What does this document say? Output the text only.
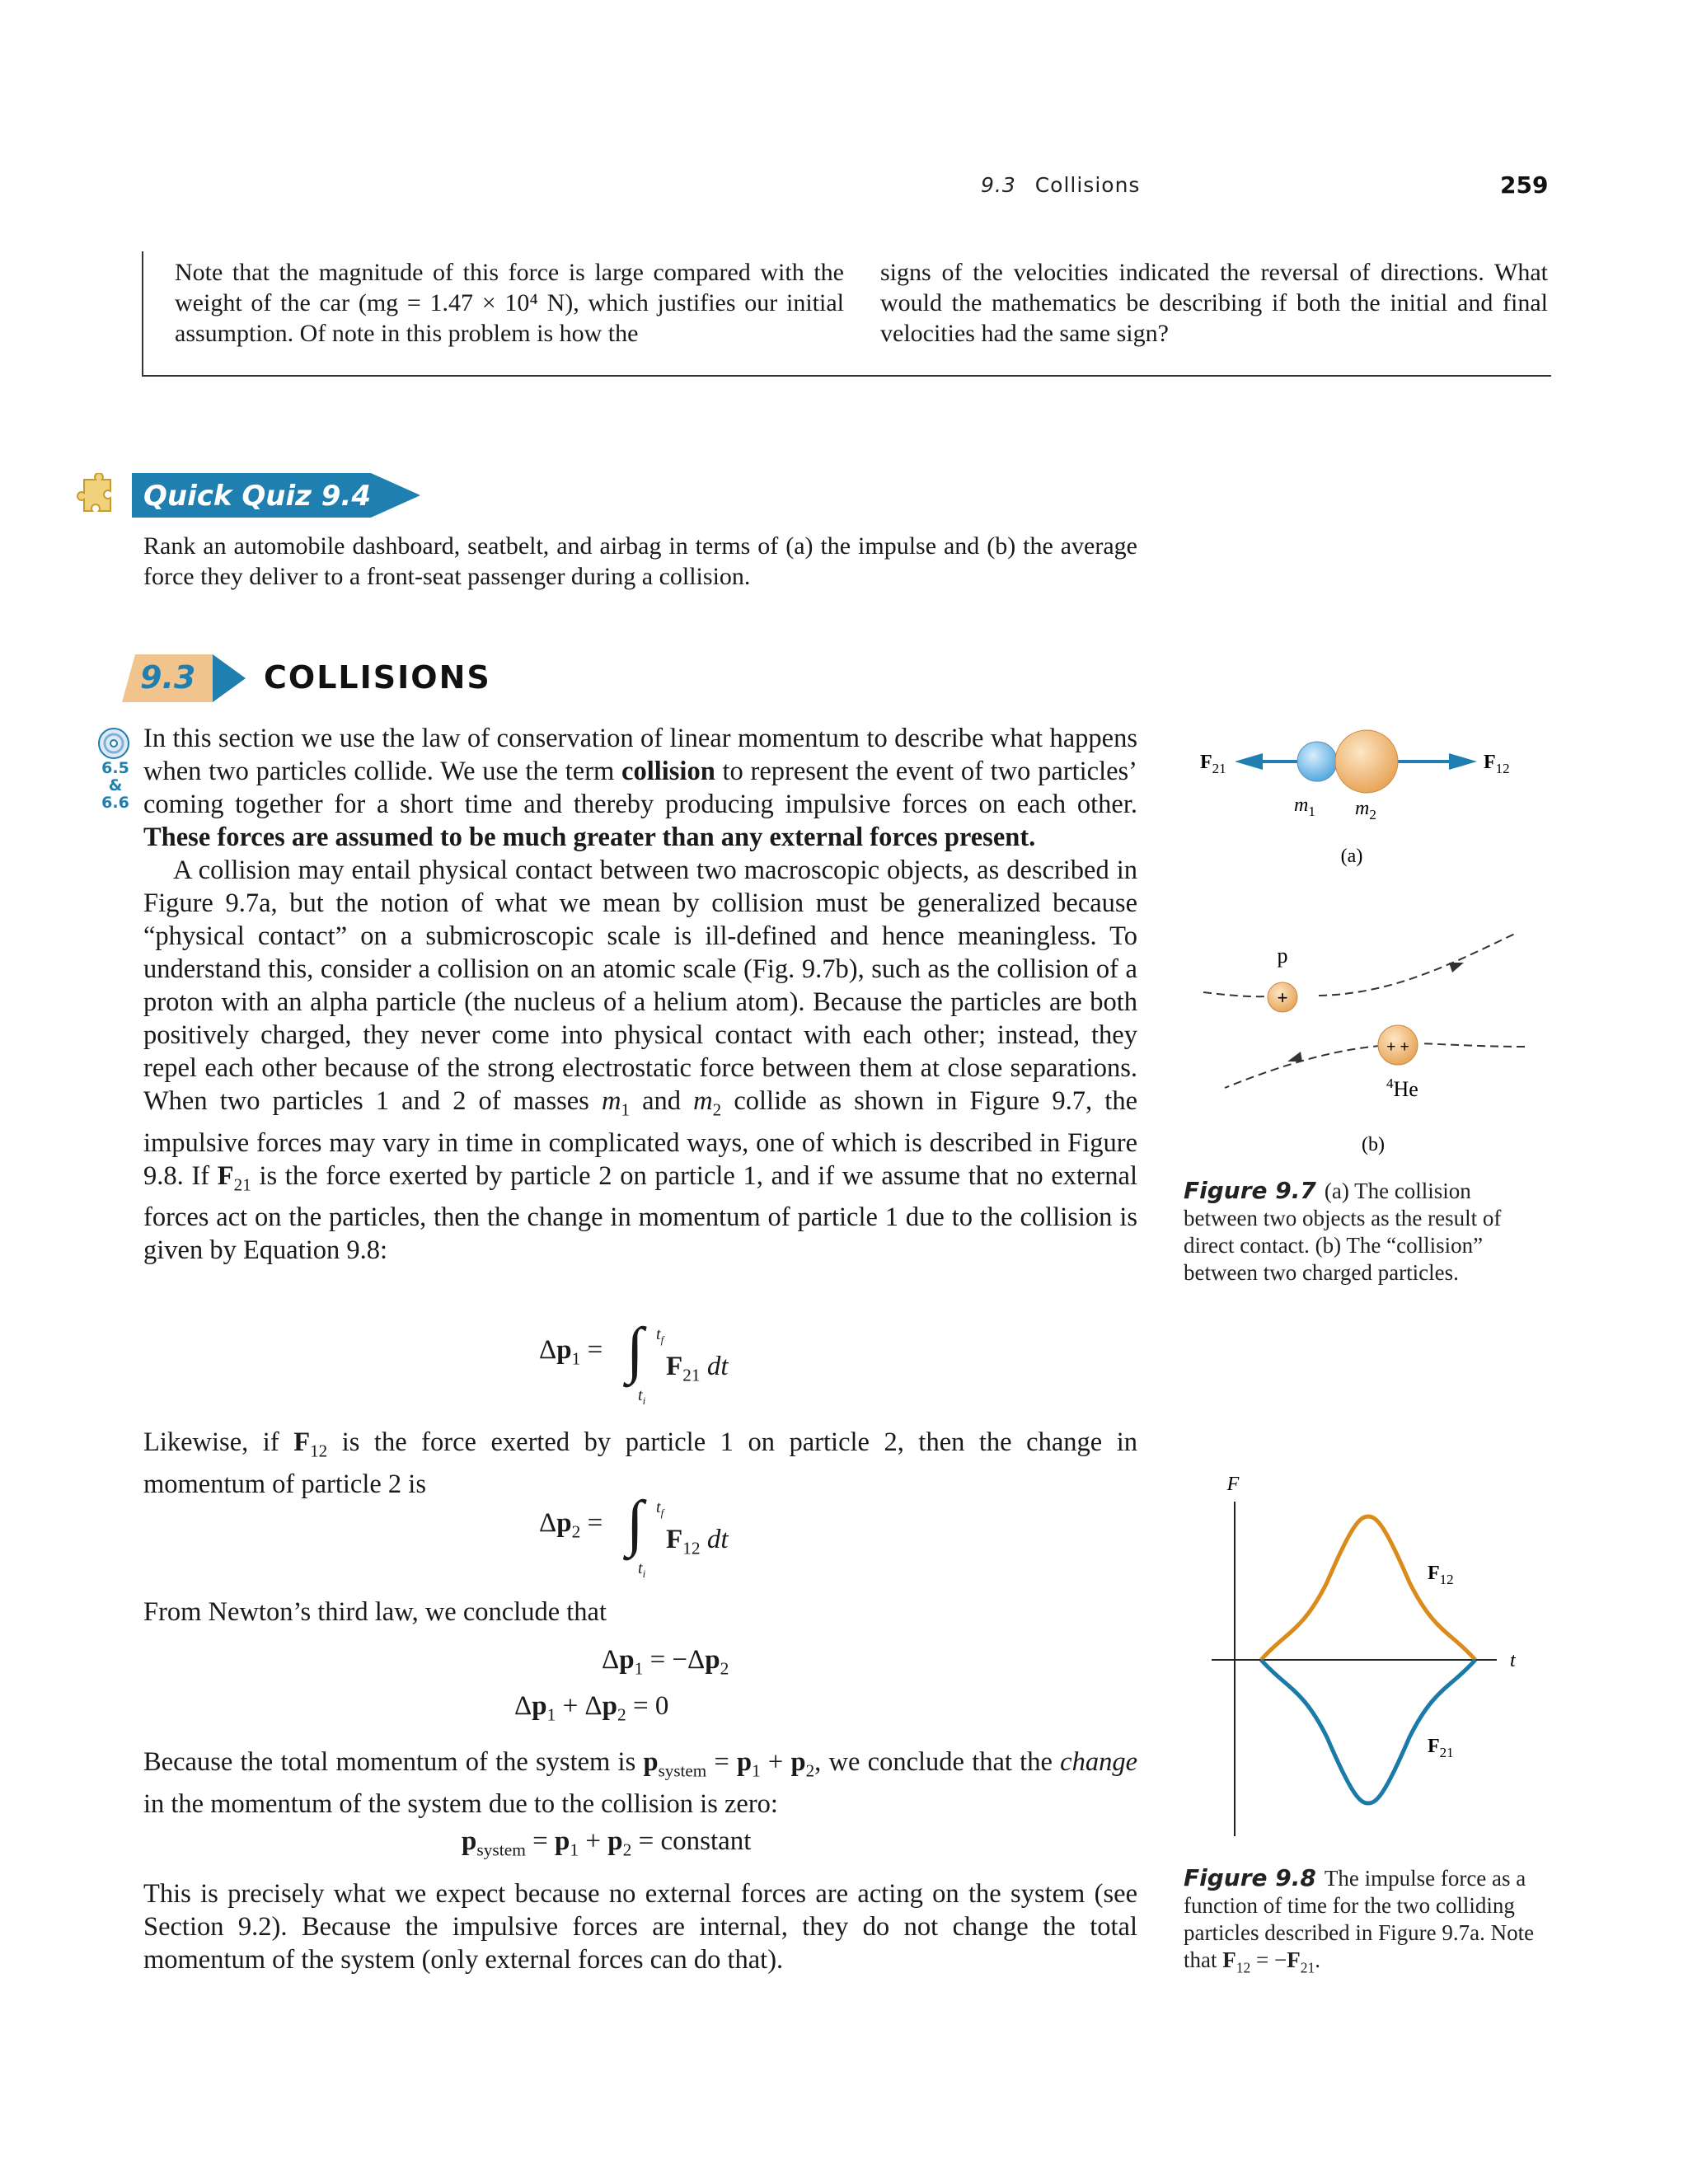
9.3 Collisions	259
Note that the magnitude of this force is large compared with the weight of the car (mg = 1.47 × 10⁴ N), which justifies our initial assumption. Of note in this problem is how the
signs of the velocities indicated the reversal of directions. What would the mathematics be describing if both the initial and final velocities had the same sign?
Quick Quiz 9.4
Rank an automobile dashboard, seatbelt, and airbag in terms of (a) the impulse and (b) the average force they deliver to a front-seat passenger during a collision.
9.3 COLLISIONS
6.5
&
6.6

In this section we use the law of conservation of linear momentum to describe what happens when two particles collide. We use the term collision to represent the event of two particles’ coming together for a short time and thereby producing impulsive forces on each other. These forces are assumed to be much greater than any external forces present.

A collision may entail physical contact between two macroscopic objects, as described in Figure 9.7a, but the notion of what we mean by collision must be generalized because “physical contact” on a submicroscopic scale is ill-defined and hence meaningless. To understand this, consider a collision on an atomic scale (Fig. 9.7b), such as the collision of a proton with an alpha particle (the nucleus of a helium atom). Because the particles are both positively charged, they never come into physical contact with each other; instead, they repel each other because of the strong electrostatic force between them at close separations. When two particles 1 and 2 of masses $m_1$ and $m_2$ collide as shown in Figure 9.7, the impulsive forces may vary in time in complicated ways, one of which is described in Figure 9.8. If $F_{21}$ is the force exerted by particle 2 on particle 1, and if we assume that no external forces act on the particles, then the change in momentum of particle 1 due to the collision is given by Equation 9.8:

$\Delta p_1$ = ∫ $t_f$
$t_i$
$F_{21}$ dt

Likewise, if $F_{12}$ is the force exerted by particle 1 on particle 2, then the change in momentum of particle 2 is

$\Delta p_2$ = ∫ $t_f$
$t_i$
$F_{12}$ dt
From Newton’s third law, we conclude that
$\Delta p_1 = -\Delta p_2$
$\Delta p_1 + \Delta p_2 = 0$

Because the total momentum of the system is $p_{system} = p_1 + p_2$, we conclude that the change in the momentum of the system due to the collision is zero:

$p_{system} = p_1 + p_2$ = constant
This is precisely what we expect because no external forces are acting on the system (see Section 9.2). Because the impulsive forces are internal, they do not change the total momentum of the system (only external forces can do that).
$F_{21}$	$F_{12}$
$m_1$ $m_2$
(a)
+
p
+ +
$^4$He
(b)
Figure 9.7 (a) The collision between two objects as the result of direct contact. (b) The “collision” between two charged particles.
F
t
$F_{12}$
$F_{21}$
Figure 9.8 The impulse force as a function of time for the two colliding particles described in Figure 9.7a. Note that $F_{12} = -F_{21}$.
